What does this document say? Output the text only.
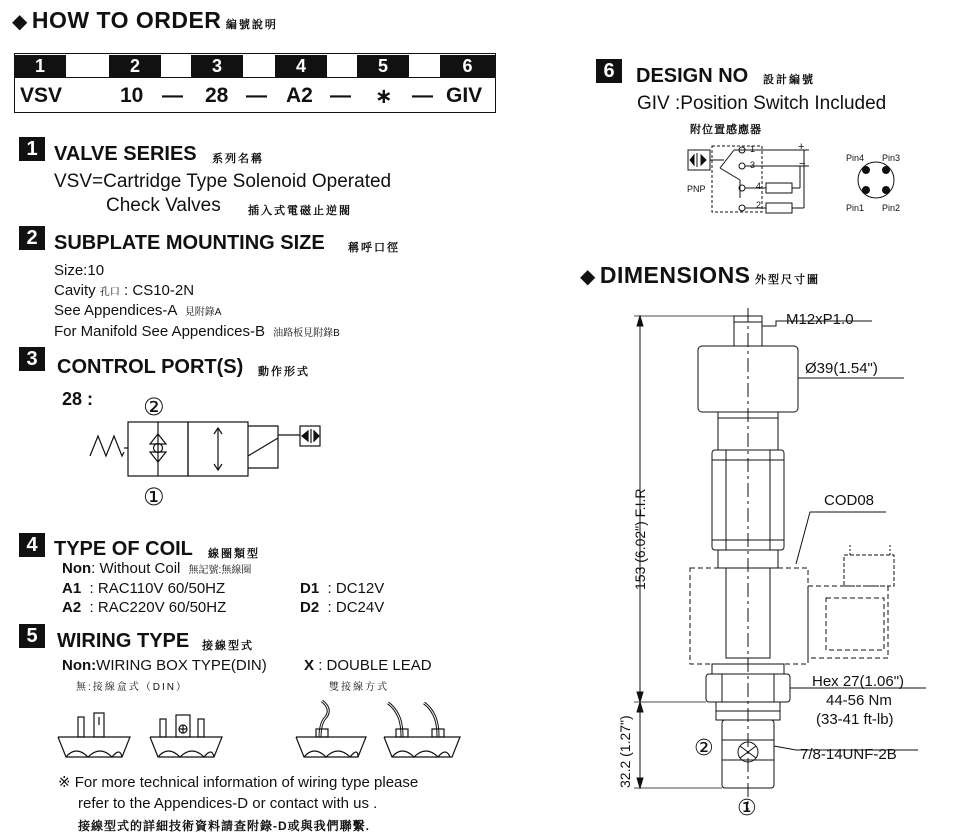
◆ HOW TO ORDER 編號說明
1	2	3	4	5	6
VSV	10 — 28 — A2 — ∗ — GIV
1 VALVE SERIES 系列名稱
VSV=Cartridge Type Solenoid Operated
Check Valves 插入式電磁止逆閥
2 SUBPLATE MOUNTING SIZE 稱呼口徑
Size:10
Cavity 孔口 : CS10-2N
See Appendices-A 見附錄A
For Manifold See Appendices-B 油路板見附錄B
3 CONTROL PORT(S) 動作形式
28 : ②
①
4 TYPE OF COIL 線圈類型
Non: Without Coil 無記號:無線圈
A1 : RAC110V 60/50HZ
A2 : RAC220V 60/50HZ
D1 : DC12V
D2 : DC24V
5 WIRING TYPE 接線型式
Non:WIRING BOX TYPE(DIN)
無:接線盒式（DIN）
X : DOUBLE LEAD
雙接線方式
※ For more technical information of wiring type please
refer to the Appendices-D or contact with us .
接線型式的詳細技術資料請查附錄-D或與我們聯繫.
6	DESIGN NO 設計編號
GIV :Position Switch Included
附位置感應器
PNP
1
3
4
2
+
−	Pin4 Pin3
Pin1 Pin2
◆ DIMENSIONS 外型尺寸圖
M12xP1.0
Ø39(1.54")
COD08
Hex 27(1.06")
44-56 Nm
(33-41 ft-lb)
7/8-14UNF-2B
153 (6.02") F.I.R
32.2 (1.27")	②
①
